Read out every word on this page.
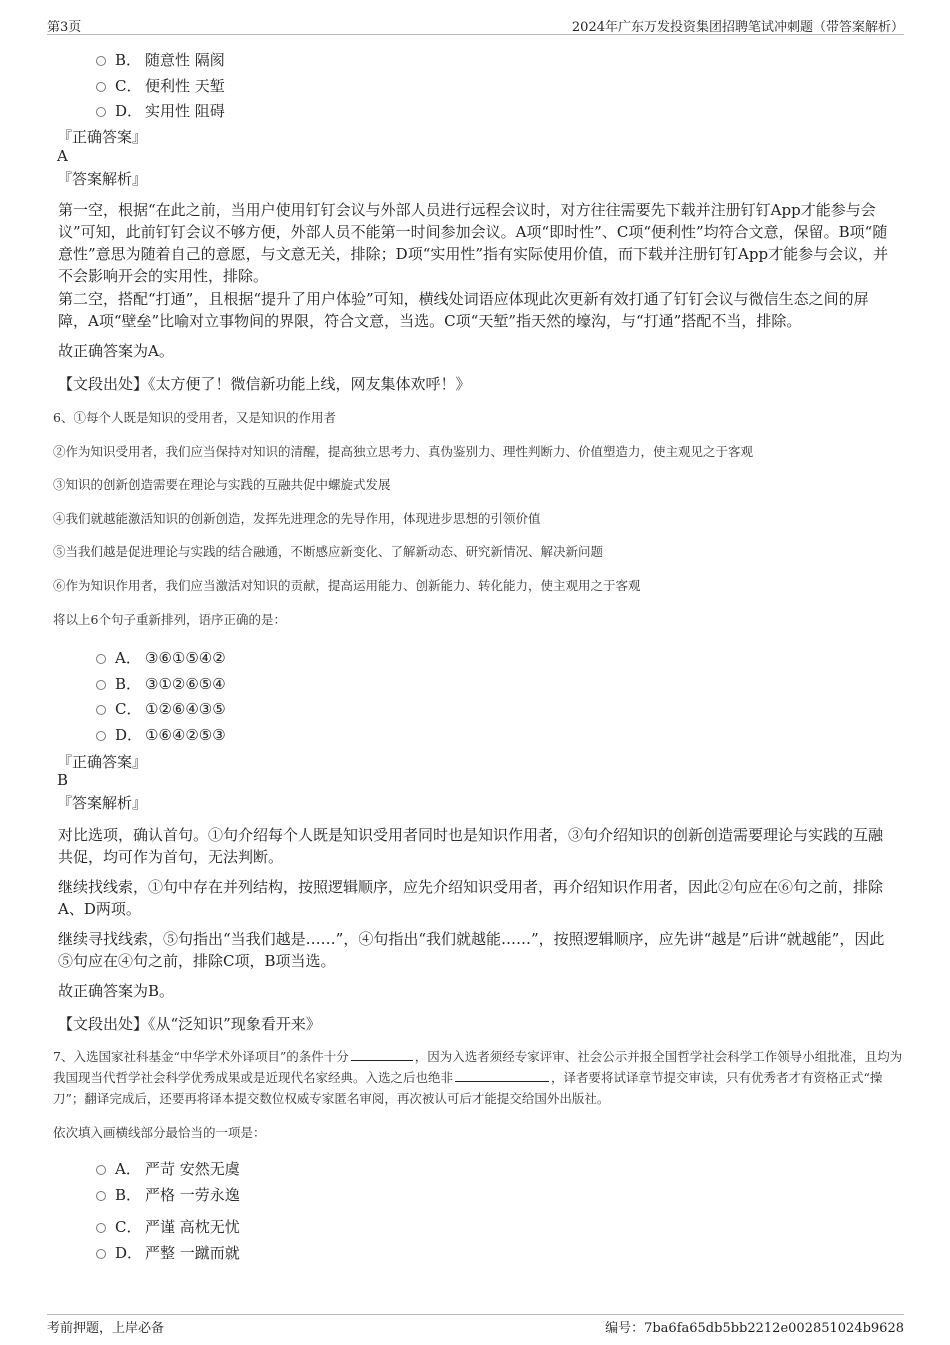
第3页	2024年广东万发投资集团招聘笔试冲刺题（带答案解析）
B． 随意性 隔阂
C． 便利性 天堑
D． 实用性 阻碍
『正确答案』
A
『答案解析』
第一空，根据“在此之前，当用户使用钉钉会议与外部人员进行远程会议时，对方往往需要先下载并注册钉钉App才能参与会议”可知，此前钉钉会议不够方便，外部人员不能第一时间参加会议。A项“即时性”、C项“便利性”均符合文意，保留。B项“随意性”意思为随着自己的意愿，与文意无关，排除；D项“实用性”指有实际使用价值，而下载并注册钉钉App才能参与会议，并不会影响开会的实用性，排除。
第二空，搭配“打通”，且根据“提升了用户体验”可知，横线处词语应体现此次更新有效打通了钉钉会议与微信生态之间的屏障，A项“壁垒”比喻对立事物间的界限，符合文意，当选。C项“天堑”指天然的壕沟，与“打通”搭配不当，排除。
故正确答案为A。
【文段出处】《太方便了！微信新功能上线，网友集体欢呼！》
6、①每个人既是知识的受用者，又是知识的作用者
②作为知识受用者，我们应当保持对知识的清醒，提高独立思考力、真伪鉴别力、理性判断力、价值塑造力，使主观见之于客观
③知识的创新创造需要在理论与实践的互融共促中螺旋式发展
④我们就越能激活知识的创新创造，发挥先进理念的先导作用，体现进步思想的引领价值
⑤当我们越是促进理论与实践的结合融通，不断感应新变化、了解新动态、研究新情况、解决新问题
⑥作为知识作用者，我们应当激活对知识的贡献，提高运用能力、创新能力、转化能力，使主观用之于客观
将以上6个句子重新排列，语序正确的是：
A． ③⑥①⑤④②
B． ③①②⑥⑤④
C． ①②⑥④③⑤
D． ①⑥④②⑤③
『正确答案』
B
『答案解析』
对比选项，确认首句。①句介绍每个人既是知识受用者同时也是知识作用者，③句介绍知识的创新创造需要理论与实践的互融共促，均可作为首句，无法判断。
继续找线索，①句中存在并列结构，按照逻辑顺序，应先介绍知识受用者，再介绍知识作用者，因此②句应在⑥句之前，排除A、D两项。
继续寻找线索，⑤句指出“当我们越是……”，④句指出“我们就越能……”，按照逻辑顺序，应先讲“越是”后讲“就越能”，因此⑤句应在④句之前，排除C项，B项当选。
故正确答案为B。
【文段出处】《从“泛知识”现象看开来》
7、入选国家社科基金“中华学术外译项目”的条件十分	，因为入选者须经专家评审、社会公示并报全国哲学社会科学工作领导小组批准，且均为我国现当代哲学社会科学优秀成果或是近现代名家经典。入选之后也绝非	，译者要将试译章节提交审读，只有优秀者才有资格正式“操刀”；翻译完成后，还要再将译本提交数位权威专家匿名审阅，再次被认可后才能提交给国外出版社。
依次填入画横线部分最恰当的一项是：
A． 严苛 安然无虞
B． 严格 一劳永逸
C． 严谨 高枕无忧
D． 严整 一蹴而就
考前押题，上岸必备	编号：7ba6fa65db5bb2212e002851024b9628
